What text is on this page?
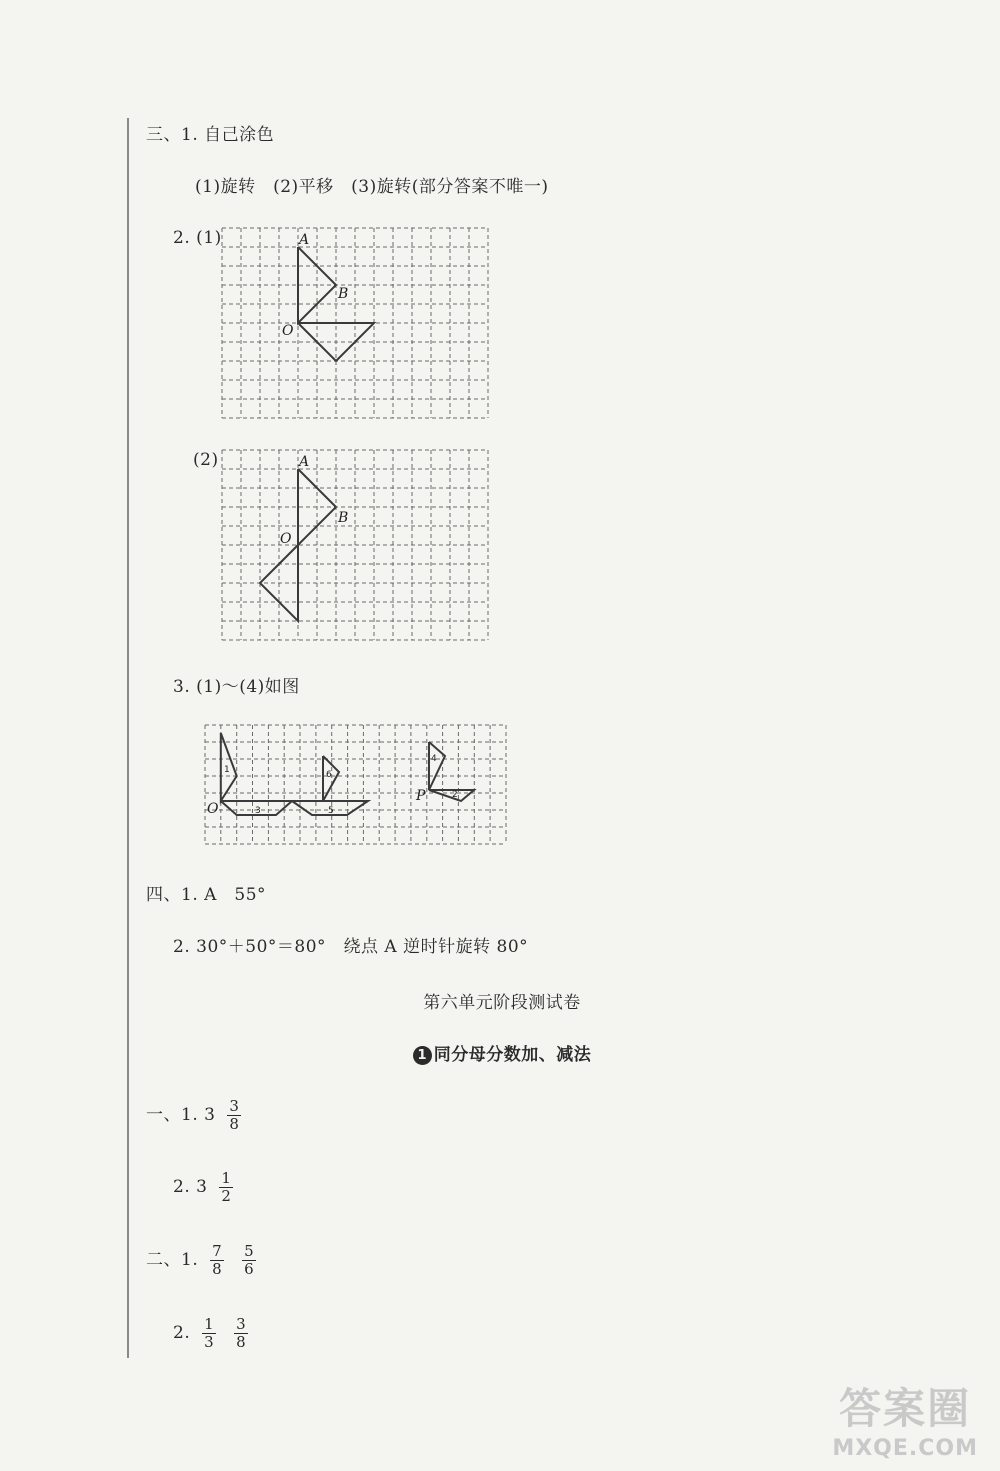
三、1. 自己涂色
(1)旋转　(2)平移　(3)旋转(部分答案不唯一)
2. (1)	A
B
O
(2)	A
B
O
3. (1)～(4)如图
O
P
1
2
3
4
5
6
四、1. A　55°
2. 30°＋50°＝80°　绕点 A 逆时针旋转 80°
第六单元阶段测试卷
1 同分母分数加、减法
一、1. $3 \frac{3}{8}$
2. $3 \frac{1}{2}$
二、1. $\frac{7}{8}$
$\frac{5}{6}$
2. $\frac{1}{3}$
$\frac{3}{8}$
答案圈
MXQE.COM
